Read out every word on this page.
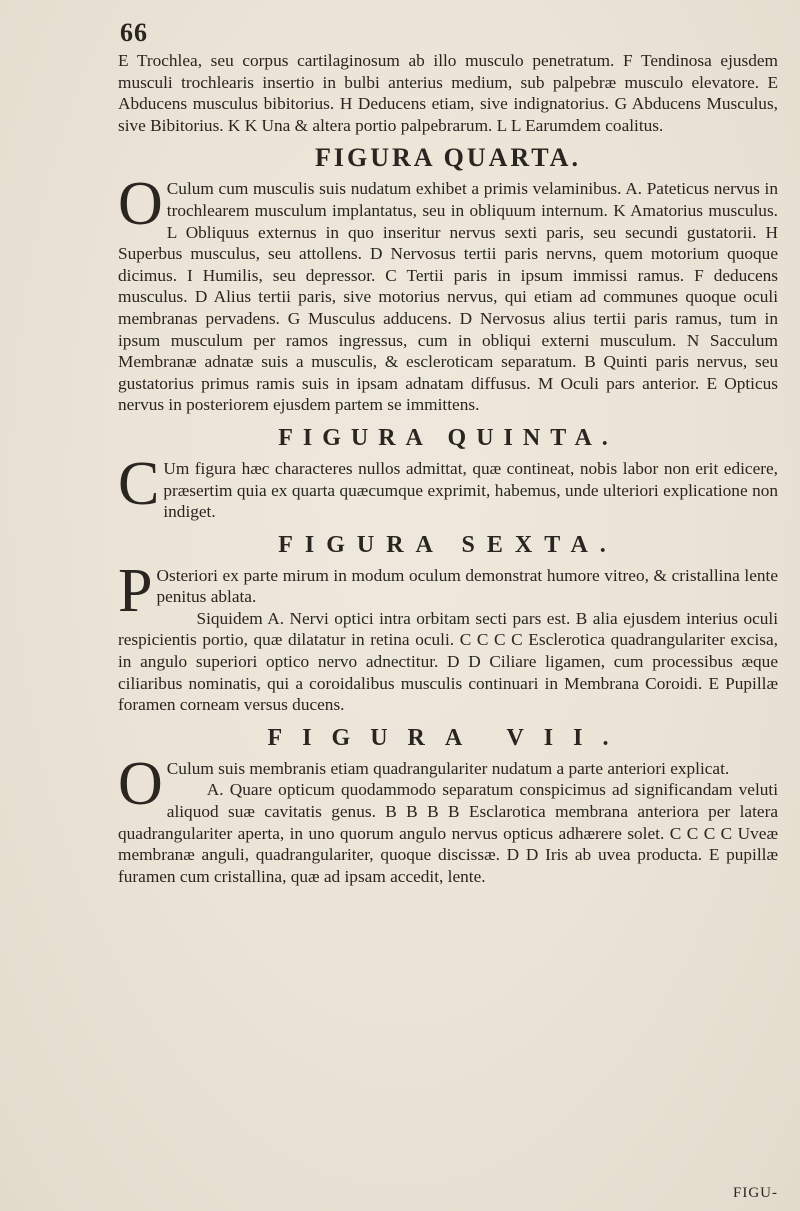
66

E Trochlea, seu corpus cartilaginosum ab illo musculo penetratum. F Tendinosa ejusdem musculi trochlearis insertio in bulbi anterius medium, sub palpebræ musculo elevatore. E Abducens musculus bibitorius. H Deducens etiam, sive indignatorius. G Abducens Musculus, sive Bibitorius. K K Una & altera portio palpebrarum. L L Earumdem coalitus.

FIGURA QUARTA.

O Culum cum musculis suis nudatum exhibet a primis velaminibus. A. Pateticus nervus in trochlearem musculum implantatus, seu in obliquum internum. K Amatorius musculus. L Obliquus externus in quo inseritur nervus sexti paris, seu secundi gustatorii. H Superbus musculus, seu attollens. D Nervosus tertii paris nervns, quem motorium quoque dicimus. I Humilis, seu depressor. C Tertii paris in ipsum immissi ramus. F deducens musculus. D Alius tertii paris, sive motorius nervus, qui etiam ad communes quoque oculi membranas pervadens. G Musculus adducens. D Nervosus alius tertii paris ramus, tum in ipsum musculum per ramos ingressus, cum in obliqui externi musculum. N Sacculum Membranæ adnatæ suis a musculis, & escleroticam separatum. B Quinti paris nervus, seu gustatorius primus ramis suis in ipsam adnatam diffusus. M Oculi pars anterior. E Opticus nervus in posteriorem ejusdem partem se immittens.

FIGURA QUINTA.

C Um figura hæc characteres nullos admittat, quæ contineat, nobis labor non erit edicere, præsertim quia ex quarta quæcumque exprimit, habemus, unde ulteriori explicatione non indiget.

FIGURA SEXTA.

P Osteriori ex parte mirum in modum oculum demonstrat humore vitreo, & cristallina lente penitus ablata.

Siquidem A. Nervi optici intra orbitam secti pars est. B alia ejusdem interius oculi respicientis portio, quæ dilatatur in retina oculi. C C C C Esclerotica quadrangulariter excisa, in angulo superiori optico nervo adnectitur. D D Ciliare ligamen, cum processibus æque ciliaribus nominatis, qui a coroidalibus musculis continuari in Membrana Coroidi. E Pupillæ foramen corneam versus ducens.

FIGURA VII.

O Culum suis membranis etiam quadrangulariter nudatum a parte anteriori explicat.

A. Quare opticum quodammodo separatum conspicimus ad significandam veluti aliquod suæ cavitatis genus. B B B B Esclarotica membrana anteriora per latera quadrangulariter aperta, in uno quorum angulo nervus opticus adhærere solet. C C C C Uveæ membranæ anguli, quadrangulariter, quoque discissæ. D D Iris ab uvea producta. E pupillæ furamen cum cristallina, quæ ad ipsam accedit, lente.

FIGU-
